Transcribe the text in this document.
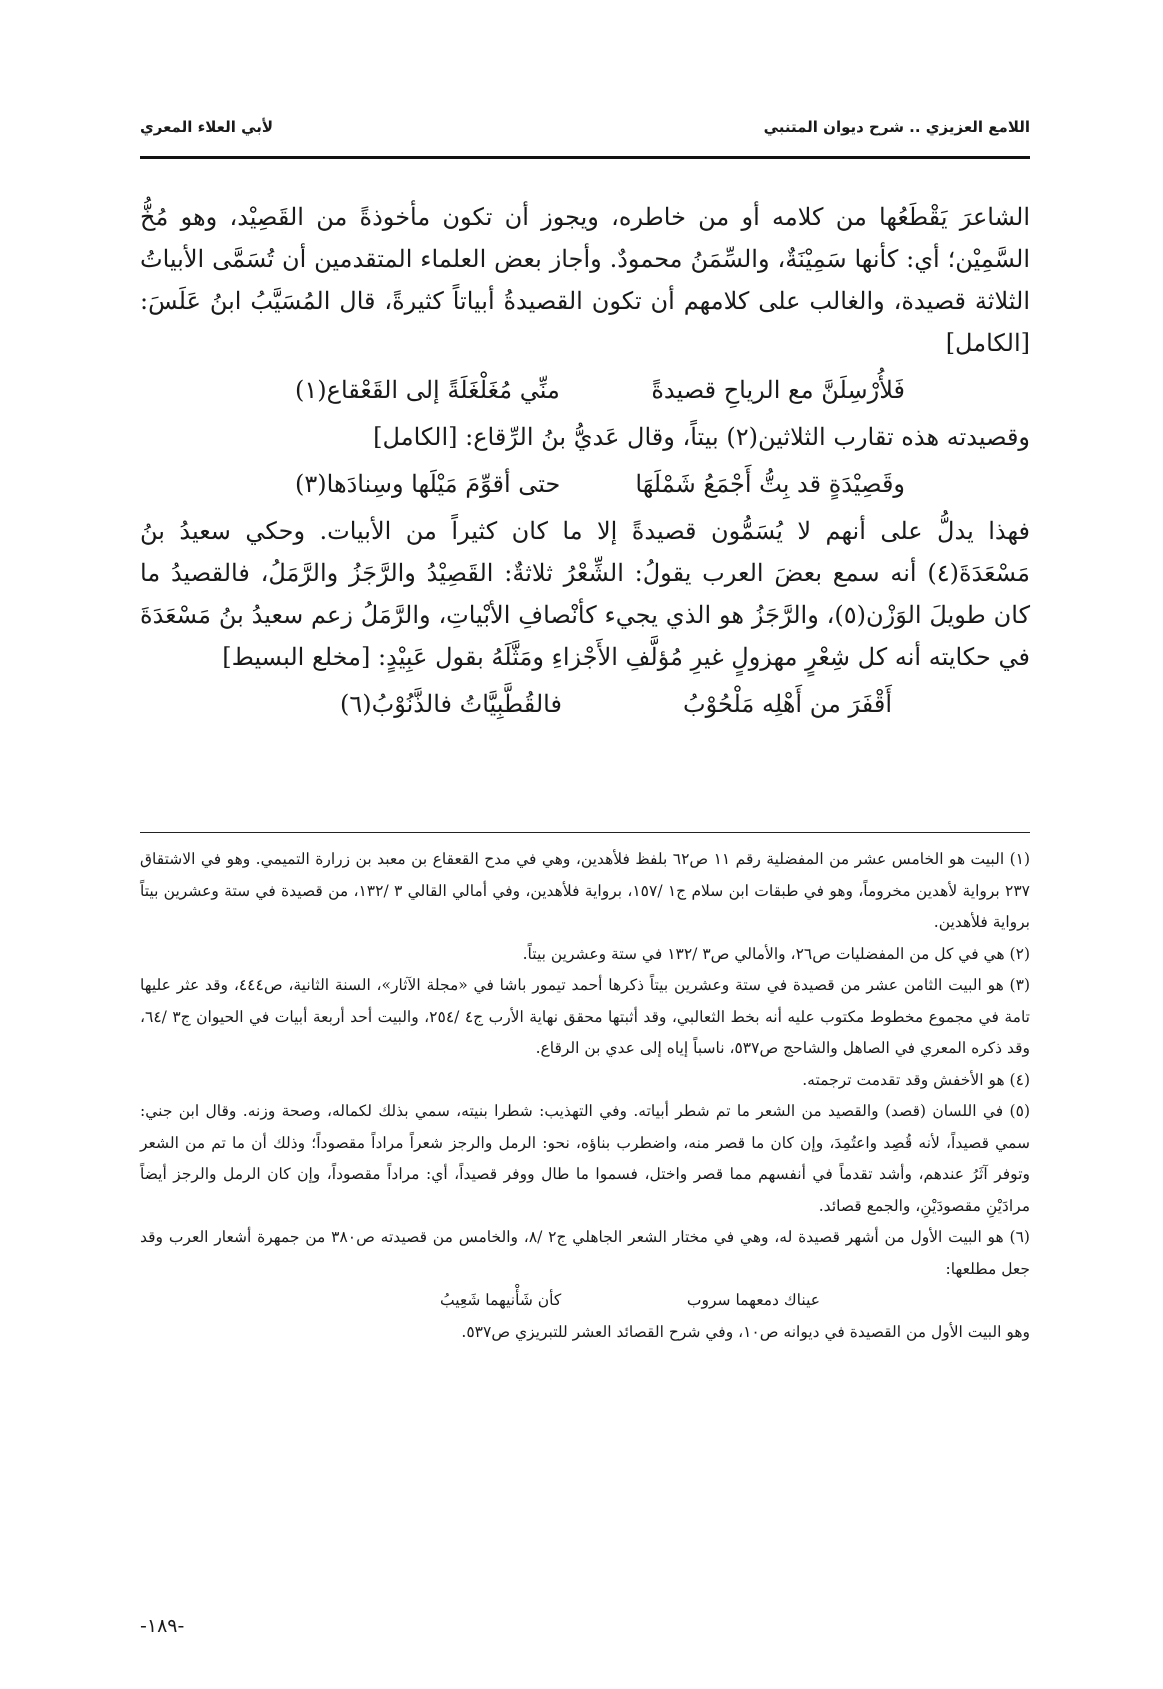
اللامع العزيزي .. شرح ديوان المتنبي
لأبي العلاء المعري

الشاعرَ يَقْطَعُها من كلامه أو من خاطره، ويجوز أن تكون مأخوذةً من القَصِيْد، وهو مُخُّ السَّمِيْن؛ أي: كأنها سَمِيْنَةٌ، والسِّمَنُ محمودٌ. وأجاز بعض العلماء المتقدمين أن تُسَمَّى الأبياتُ الثلاثة قصيدة، والغالب على كلامهم أن تكون القصيدةُ أبياتاً كثيرةً، قال المُسَيَّبُ ابنُ عَلَسَ: [الكامل]

فَلأُرْسِلَنَّ مع الرياحِ قصيدةً
منِّي مُغَلْغَلَةً إلى القَعْقاع(١)

وقصيدته هذه تقارب الثلاثين(٢) بيتاً، وقال عَديُّ بنُ الرِّقاع: [الكامل]

وقَصِيْدَةٍ قد بِتُّ أَجْمَعُ شَمْلَهَا
حتى أقوِّمَ مَيْلَها وسِنادَها(٣)

فهذا يدلُّ على أنهم لا يُسَمُّون قصيدةً إلا ما كان كثيراً من الأبيات. وحكي سعيدُ بنُ مَسْعَدَةَ(٤) أنه سمع بعضَ العرب يقولُ: الشِّعْرُ ثلاثةٌ: القَصِيْدُ والرَّجَزُ والرَّمَلُ، فالقصيدُ ما كان طويلَ الوَزْن(٥)، والرَّجَزُ هو الذي يجيء كأنْصافِ الأبْياتِ، والرَّمَلُ زعم سعيدُ بنُ مَسْعَدَةَ في حكايته أنه كل شِعْرٍ مهزولٍ غيرِ مُؤلَّفِ الأَجْزاءِ ومَثَّلَهُ بقول عَبِيْدٍ: [مخلع البسيط]

أَقْفَرَ من أَهْلِه مَلْحُوْبُ
فالقُطَّبِيَّاتُ فالذَّنُوْبُ(٦)

(١) البيت هو الخامس عشر من المفضلية رقم ١١ ص٦٢ بلفظ فلأهدين، وهي في مدح القعقاع بن معبد بن زرارة التميمي. وهو في الاشتقاق ٢٣٧ برواية لأهدين مخروماً، وهو في طبقات ابن سلام ج١ /١٥٧، برواية فلأهدين، وفي أمالي القالي ٣ /١٣٢، من قصيدة في ستة وعشرين بيتاً برواية فلأهدين.

(٢) هي في كل من المفضليات ص٢٦، والأمالي ص٣ /١٣٢ في ستة وعشرين بيتاً.

(٣) هو البيت الثامن عشر من قصيدة في ستة وعشرين بيتاً ذكرها أحمد تيمور باشا في «مجلة الآثار»، السنة الثانية، ص٤٤٤، وقد عثر عليها تامة في مجموع مخطوط مكتوب عليه أنه بخط الثعالبي، وقد أثبتها محقق نهاية الأرب ج٤ /٢٥٤، والبيت أحد أربعة أبيات في الحيوان ج٣ /٦٤، وقد ذكره المعري في الصاهل والشاحج ص٥٣٧، ناسباً إياه إلى عدي بن الرقاع.

(٤) هو الأخفش وقد تقدمت ترجمته.

(٥) في اللسان (قصد) والقصيد من الشعر ما تم شطر أبياته. وفي التهذيب: شطرا بنيته، سمي بذلك لكماله، وصحة وزنه. وقال ابن جني: سمي قصيداً، لأنه قُصِد واعتُمِدَ، وإن كان ما قصر منه، واضطرب بناؤه، نحو: الرمل والرجز شعراً مراداً مقصوداً؛ وذلك أن ما تم من الشعر وتوفر آثَرُ عندهم، وأشد تقدماً في أنفسهم مما قصر واختل، فسموا ما طال ووفر قصيداً، أي: مراداً مقصوداً، وإن كان الرمل والرجز أيضاً مرادَيْنِ مقصودَيْنِ، والجمع قصائد.

(٦) هو البيت الأول من أشهر قصيدة له، وهي في مختار الشعر الجاهلي ج٢ /٨، والخامس من قصيدته ص٣٨٠ من جمهرة أشعار العرب وقد جعل مطلعها:

عيناك دمعهما سروب
كأن شَأْنيهما شَعِيبُ

وهو البيت الأول من القصيدة في ديوانه ص١٠، وفي شرح القصائد العشر للتبريزي ص٥٣٧.

-١٨٩-
